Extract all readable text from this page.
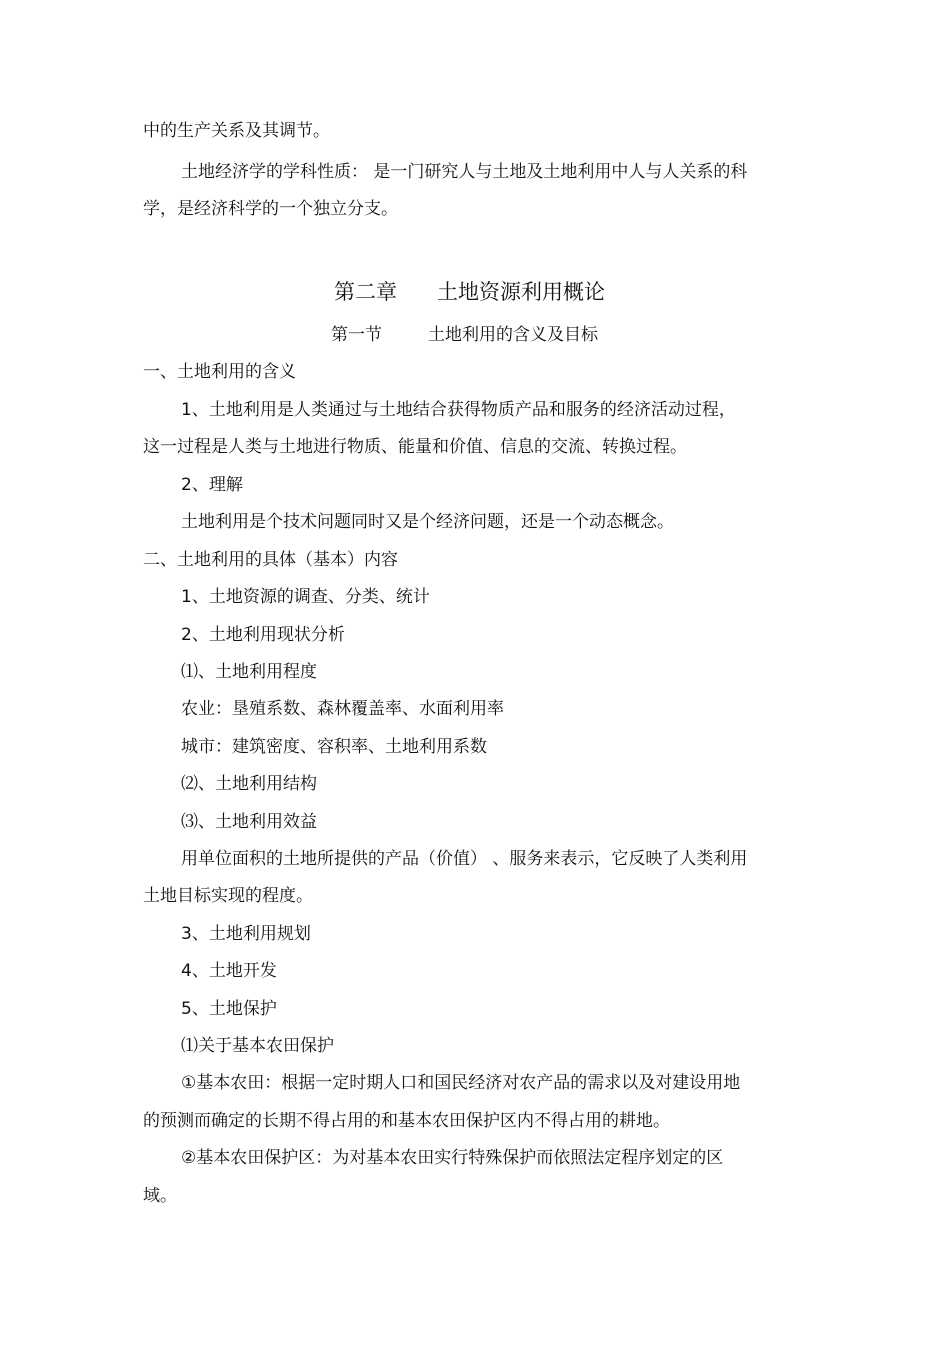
中的生产关系及其调节。
土地经济学的学科性质： 是一门研究人与土地及土地利用中人与人关系的科
学，是经济科学的一个独立分支。
第二章 土地资源利用概论
第一节	土地利用的含义及目标
一、土地利用的含义
1、土地利用是人类通过与土地结合获得物质产品和服务的经济活动过程，
这一过程是人类与土地进行物质、能量和价值、信息的交流、转换过程。
2、理解
土地利用是个技术问题同时又是个经济问题，还是一个动态概念。
二、土地利用的具体（基本）内容
1、土地资源的调查、分类、统计
2、土地利用现状分析
⑴、土地利用程度
农业：垦殖系数、森林覆盖率、水面利用率
城市：建筑密度、容积率、土地利用系数
⑵、土地利用结构
⑶、土地利用效益
用单位面积的土地所提供的产品（价值） 、服务来表示，它反映了人类利用
土地目标实现的程度。
3、土地利用规划
4、土地开发
5、土地保护
⑴关于基本农田保护
①基本农田：根据一定时期人口和国民经济对农产品的需求以及对建设用地
的预测而确定的长期不得占用的和基本农田保护区内不得占用的耕地。
②基本农田保护区：为对基本农田实行特殊保护而依照法定程序划定的区
域。
